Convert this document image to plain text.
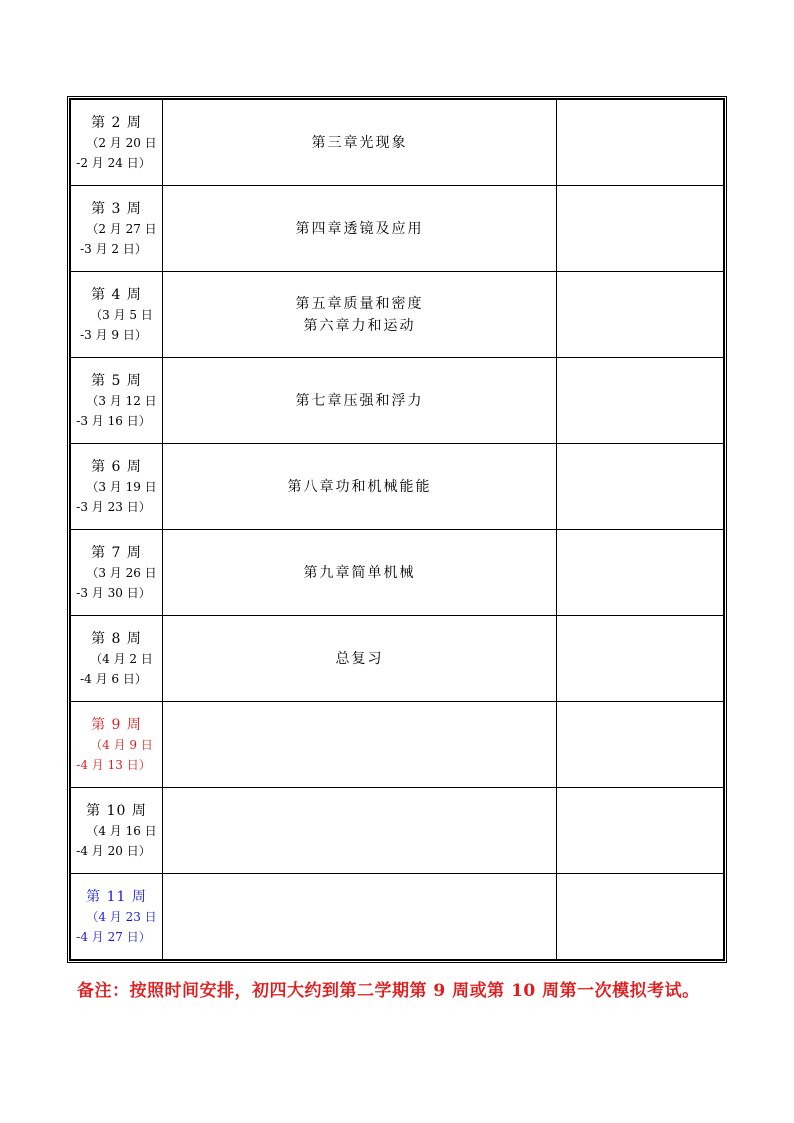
第 2 周
（2 月 20 日
-2 月 24 日）	第三章光现象	

第 3 周
（2 月 27 日
-3 月 2 日）	第四章透镜及应用	

第 4 周
（3 月 5 日
-3 月 9 日）	第五章质量和密度
第六章力和运动	

第 5 周
（3 月 12 日
-3 月 16 日）	第七章压强和浮力	

第 6 周
（3 月 19 日
-3 月 23 日）	第八章功和机械能能	

第 7 周
（3 月 26 日
-3 月 30 日）	第九章简单机械	

第 8 周
（4 月 2 日
-4 月 6 日）	总复习	

第 9 周
（4 月 9 日
-4 月 13 日）		

第 10 周
（4 月 16 日
-4 月 20 日）		

第 11 周
（4 月 23 日
-4 月 27 日）		

备注：按照时间安排，初四大约到第二学期第 9 周或第 10 周第一次模拟考试。
